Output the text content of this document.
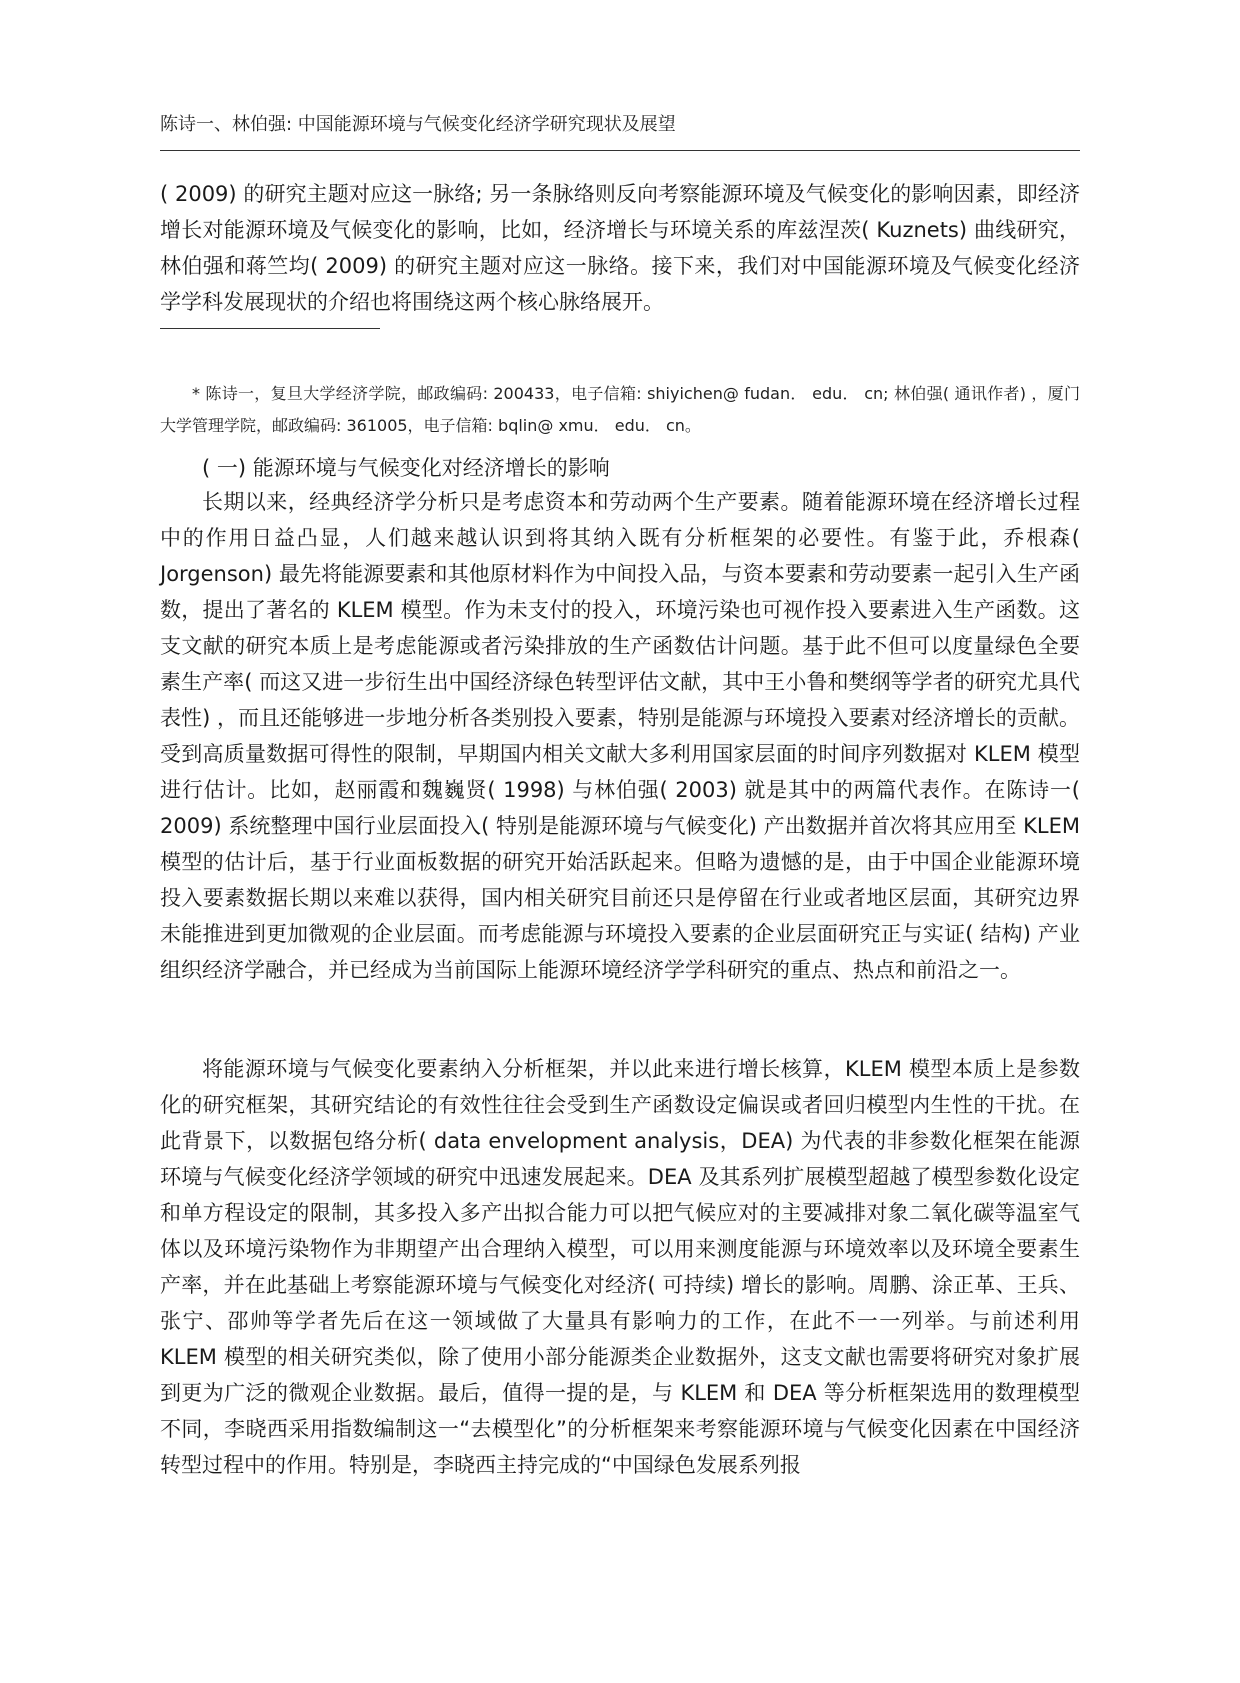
陈诗一、林伯强: 中国能源环境与气候变化经济学研究现状及展望

( 2009) 的研究主题对应这一脉络; 另一条脉络则反向考察能源环境及气候变化的影响因素，即经济增长对能源环境及气候变化的影响，比如，经济增长与环境关系的库兹涅茨( Kuznets) 曲线研究，林伯强和蒋竺均( 2009) 的研究主题对应这一脉络。接下来，我们对中国能源环境及气候变化经济学学科发展现状的介绍也将围绕这两个核心脉络展开。

* 陈诗一，复旦大学经济学院，邮政编码: 200433，电子信箱: shiyichen@ fudan． edu． cn; 林伯强( 通讯作者) ，厦门大学管理学院，邮政编码: 361005，电子信箱: bqlin@ xmu． edu． cn。

( 一) 能源环境与气候变化对经济增长的影响

长期以来，经典经济学分析只是考虑资本和劳动两个生产要素。随着能源环境在经济增长过程中的作用日益凸显，人们越来越认识到将其纳入既有分析框架的必要性。有鉴于此，乔根森( Jorgenson) 最先将能源要素和其他原材料作为中间投入品，与资本要素和劳动要素一起引入生产函数，提出了著名的 KLEM 模型。作为未支付的投入，环境污染也可视作投入要素进入生产函数。这支文献的研究本质上是考虑能源或者污染排放的生产函数估计问题。基于此不但可以度量绿色全要素生产率( 而这又进一步衍生出中国经济绿色转型评估文献，其中王小鲁和樊纲等学者的研究尤具代表性) ，而且还能够进一步地分析各类别投入要素，特别是能源与环境投入要素对经济增长的贡献。受到高质量数据可得性的限制，早期国内相关文献大多利用国家层面的时间序列数据对 KLEM 模型进行估计。比如，赵丽霞和魏巍贤( 1998) 与林伯强( 2003) 就是其中的两篇代表作。在陈诗一( 2009) 系统整理中国行业层面投入( 特别是能源环境与气候变化) 产出数据并首次将其应用至 KLEM 模型的估计后，基于行业面板数据的研究开始活跃起来。但略为遗憾的是，由于中国企业能源环境投入要素数据长期以来难以获得，国内相关研究目前还只是停留在行业或者地区层面，其研究边界未能推进到更加微观的企业层面。而考虑能源与环境投入要素的企业层面研究正与实证( 结构) 产业组织经济学融合，并已经成为当前国际上能源环境经济学学科研究的重点、热点和前沿之一。

将能源环境与气候变化要素纳入分析框架，并以此来进行增长核算，KLEM 模型本质上是参数化的研究框架，其研究结论的有效性往往会受到生产函数设定偏误或者回归模型内生性的干扰。在此背景下，以数据包络分析( data envelopment analysis，DEA) 为代表的非参数化框架在能源环境与气候变化经济学领域的研究中迅速发展起来。DEA 及其系列扩展模型超越了模型参数化设定和单方程设定的限制，其多投入多产出拟合能力可以把气候应对的主要减排对象二氧化碳等温室气体以及环境污染物作为非期望产出合理纳入模型，可以用来测度能源与环境效率以及环境全要素生产率，并在此基础上考察能源环境与气候变化对经济( 可持续) 增长的影响。周鹏、涂正革、王兵、张宁、邵帅等学者先后在这一领域做了大量具有影响力的工作，在此不一一列举。与前述利用 KLEM 模型的相关研究类似，除了使用小部分能源类企业数据外，这支文献也需要将研究对象扩展到更为广泛的微观企业数据。最后，值得一提的是，与 KLEM 和 DEA 等分析框架选用的数理模型不同，李晓西采用指数编制这一“去模型化”的分析框架来考察能源环境与气候变化因素在中国经济转型过程中的作用。特别是，李晓西主持完成的“中国绿色发展系列报
